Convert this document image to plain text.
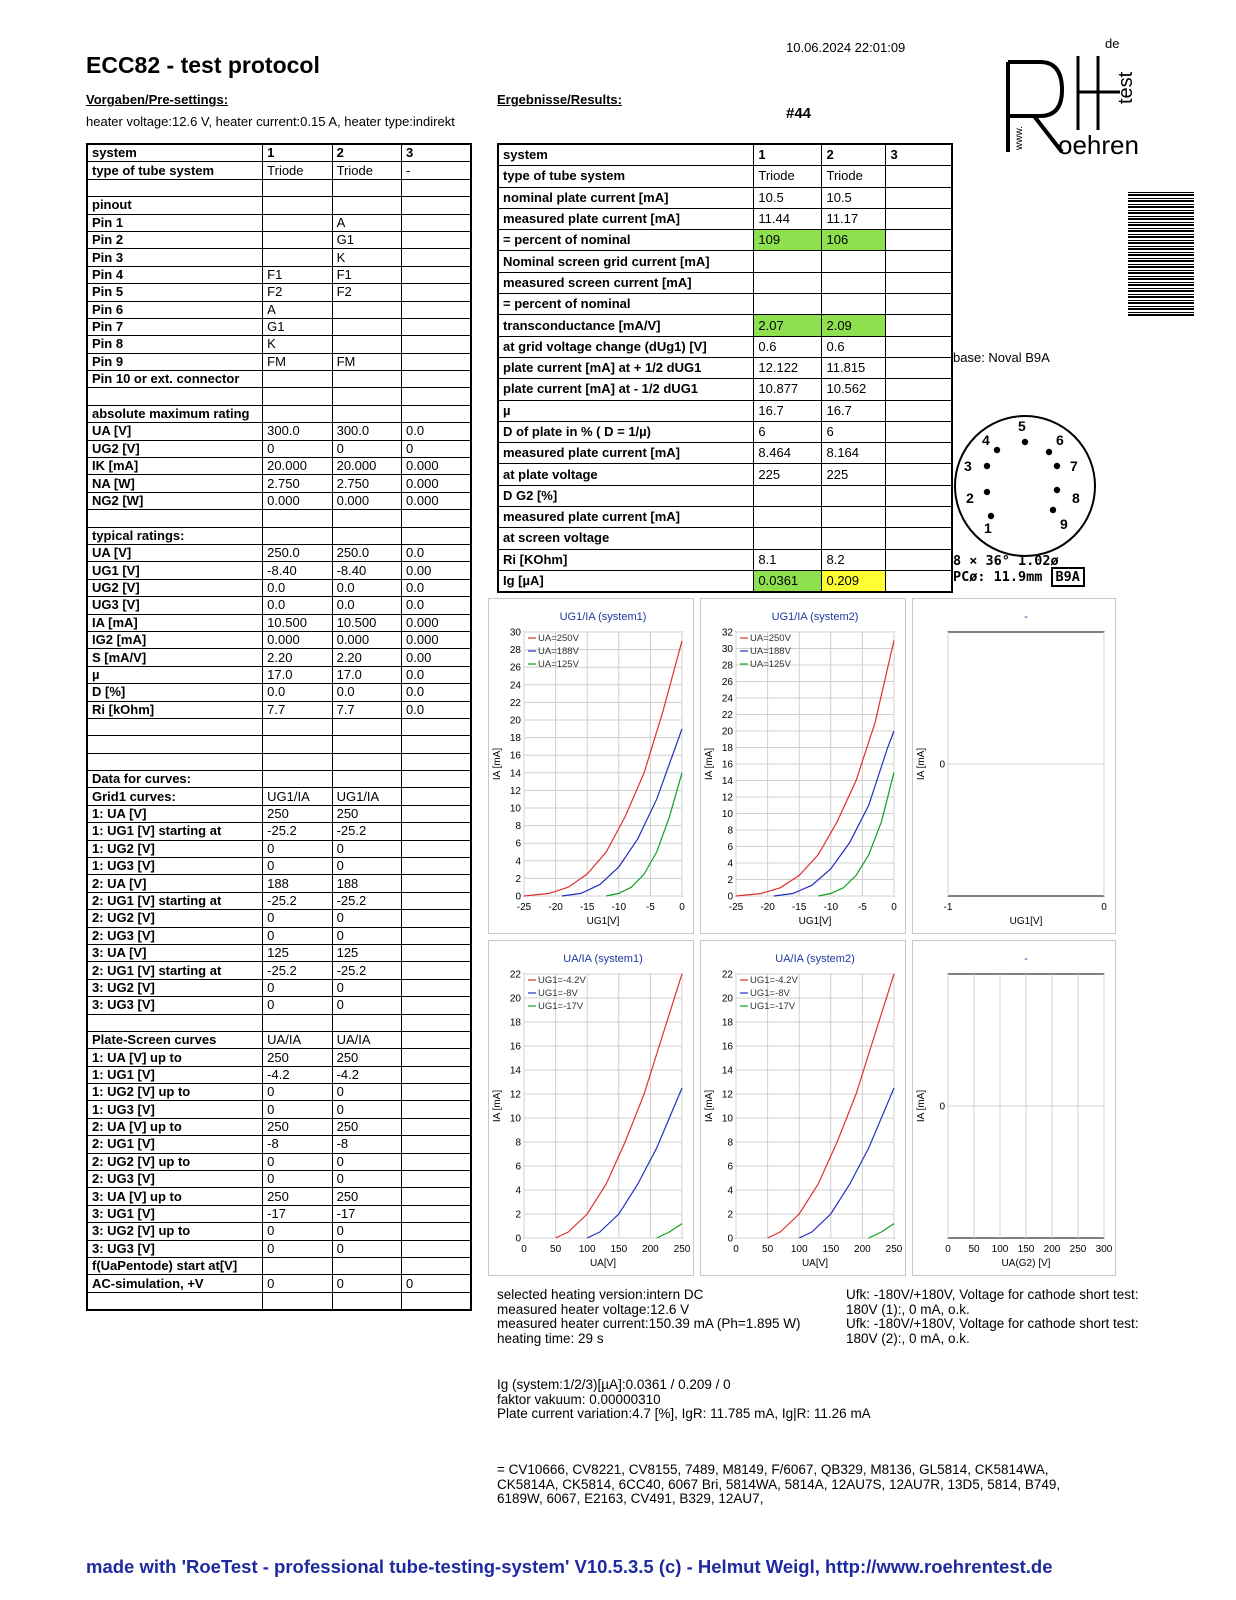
ECC82 - test protocol
10.06.2024 22:01:09
Vorgaben/Pre-settings:
heater voltage:12.6 V, heater current:0.15 A, heater type:indirekt
Ergebnisse/Results:
#44
www. oehren
test
de
base: Noval B9A
1
2
3
4
5
6
7
8
9
8 × 36° 1.02ø
PCø: 11.9mm B9A
system	1	2	3
type of tube system	Triode	Triode	-

pinout			
Pin 1		A	
Pin 2		G1	
Pin 3		K	
Pin 4	F1	F1	
Pin 5	F2	F2	
Pin 6	A		
Pin 7	G1		
Pin 8	K		
Pin 9	FM	FM	
Pin 10 or ext. connector			

absolute maximum rating			
UA [V]	300.0	300.0	0.0
UG2 [V]	0	0	0
IK [mA]	20.000	20.000	0.000
NA [W]	2.750	2.750	0.000
NG2 [W]	0.000	0.000	0.000

typical ratings:			
UA [V]	250.0	250.0	0.0
UG1 [V]	-8.40	-8.40	0.00
UG2 [V]	0.0	0.0	0.0
UG3 [V]	0.0	0.0	0.0
IA [mA]	10.500	10.500	0.000
IG2 [mA]	0.000	0.000	0.000
S [mA/V]	2.20	2.20	0.00
µ	17.0	17.0	0.0
D [%]	0.0	0.0	0.0
Ri [kOhm]	7.7	7.7	0.0

Data for curves:			
Grid1 curves:	UG1/IA	UG1/IA	
1: UA [V]	250	250	
1: UG1 [V] starting at	-25.2	-25.2	
1: UG2 [V]	0	0	
1: UG3 [V]	0	0	
2: UA [V]	188	188	
2: UG1 [V] starting at	-25.2	-25.2	
2: UG2 [V]	0	0	
2: UG3 [V]	0	0	
3: UA [V]	125	125	
2: UG1 [V] starting at	-25.2	-25.2	
3: UG2 [V]	0	0	
3: UG3 [V]	0	0	

Plate-Screen curves	UA/IA	UA/IA	
1: UA [V] up to	250	250	
1: UG1 [V]	-4.2	-4.2	
1: UG2 [V] up to	0	0	
1: UG3 [V]	0	0	
2: UA [V] up to	250	250	
2: UG1 [V]	-8	-8	
2: UG2 [V] up to	0	0	
2: UG3 [V]	0	0	
3: UA [V] up to	250	250	
3: UG1 [V]	-17	-17	
3: UG2 [V] up to	0	0	
3: UG3 [V]	0	0	
f(UaPentode) start at[V]			
AC-simulation, +V	0	0	0

system	1	2	3
type of tube system	Triode	Triode	
nominal plate current [mA]	10.5	10.5	
measured plate current [mA]	11.44	11.17	
= percent of nominal	109	106	
Nominal screen grid current [mA]			
measured screen current [mA]			
= percent of nominal			
transconductance [mA/V]	2.07	2.09	
at grid voltage change (dUg1) [V]	0.6	0.6	
plate current [mA] at + 1/2 dUG1	12.122	11.815	
plate current [mA] at - 1/2 dUG1	10.877	10.562	
µ	16.7	16.7	
D of plate in % ( D = 1/µ)	6	6	
measured plate current [mA]	8.464	8.164	
at plate voltage	225	225	
D G2 [%]			
measured plate current [mA]			
at screen voltage			
Ri [KOhm]	8.1	8.2	
Ig [µA]	0.0361	0.209	
UG1/IA (system1)
-25 -20 -15 -10 -5 0
0
2
4
6
8
10
12
14
16
18
20
22
24
26
28
30
UG1[V]
IA [mA]
UA=250V
UA=188V
UA=125V
UG1/IA (system2)
-25 -20 -15 -10 -5 0
0
2
4
6
8
10
12
14
16
18
20
22
24
26
28
30
32
UG1[V]
IA [mA]
UA=250V
UA=188V
UA=125V
-
-1	0
0
UG1[V]
IA [mA]
UA/IA (system1)
0 50 100 150 200 250
0
2
4
6
8
10
12
14
16
18
20
22
UA[V]
IA [mA]
UG1=-4.2V
UG1=-8V
UG1=-17V
UA/IA (system2)
0 50 100 150 200 250
0
2
4
6
8
10
12
14
16
18
20
22
UA[V]
IA [mA]
UG1=-4.2V
UG1=-8V
UG1=-17V
-
0 50 100 150 200 250 300
0
UA(G2) [V]
IA [mA]
selected heating version:intern DC
measured heater voltage:12.6 V
measured heater current:150.39 mA (Ph=1.895 W)
heating time: 29 s
Ufk: -180V/+180V, Voltage for cathode short test:
180V (1):, 0 mA, o.k.
Ufk: -180V/+180V, Voltage for cathode short test:
180V (2):, 0 mA, o.k.
Ig (system:1/2/3)[µA]:0.0361 / 0.209 / 0
faktor vakuum: 0.00000310
Plate current variation:4.7 [%], IgR: 11.785 mA, Ig|R: 11.26 mA
= CV10666, CV8221, CV8155, 7489, M8149, F/6067, QB329, M8136, GL5814, CK5814WA,
CK5814A, CK5814, 6CC40, 6067 Bri, 5814WA, 5814A, 12AU7S, 12AU7R, 13D5, 5814, B749,
6189W, 6067, E2163, CV491, B329, 12AU7,
made with 'RoeTest - professional tube-testing-system' V10.5.3.5 (c) - Helmut Weigl, http://www.roehrentest.de
